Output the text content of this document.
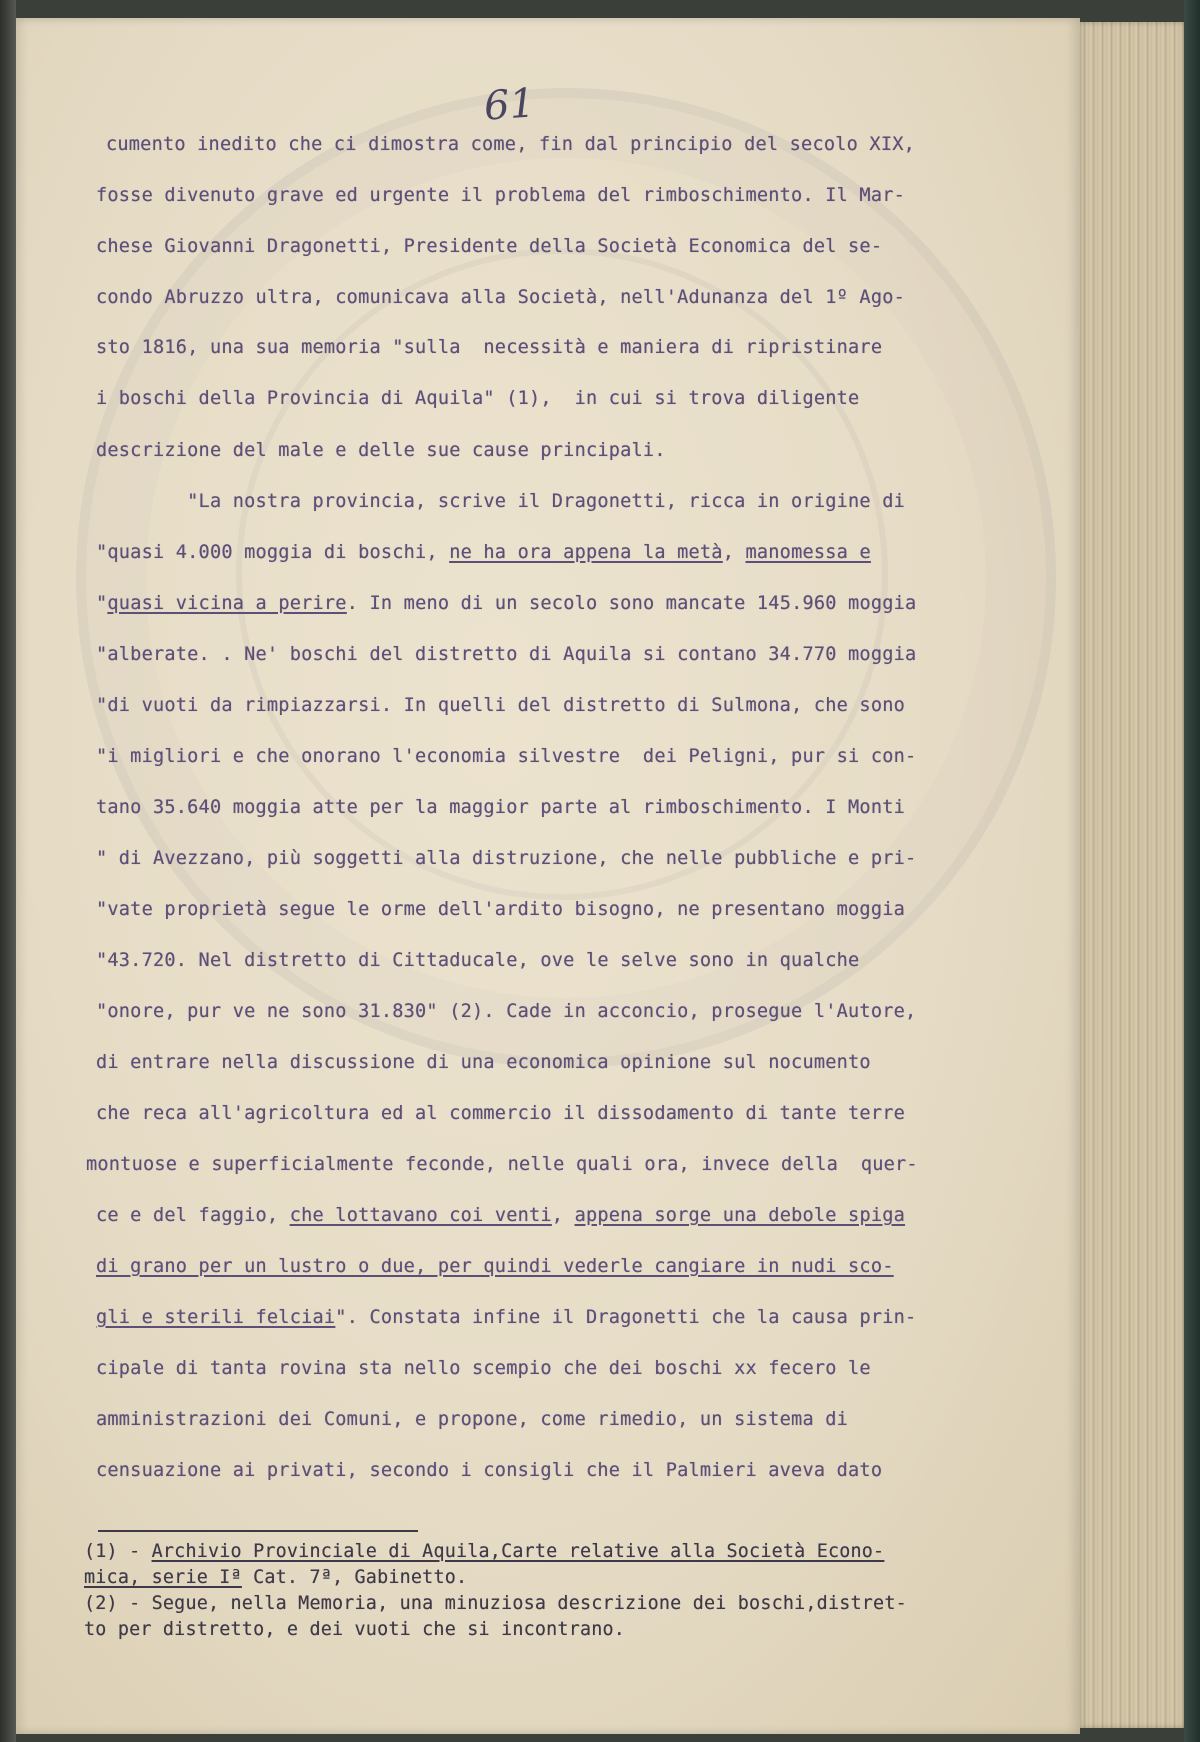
61

cumento inedito che ci dimostra come, fin dal principio del secolo XIX,

fosse divenuto grave ed urgente il problema del rimboschimento. Il Mar-

chese Giovanni Dragonetti, Presidente della Società Economica del se-

condo Abruzzo ultra, comunicava alla Società, nell'Adunanza del 1º Ago-

sto 1816, una sua memoria "sulla  necessità e maniera di ripristinare

i boschi della Provincia di Aquila" (1),  in cui si trova diligente

descrizione del male e delle sue cause principali.

"La nostra provincia, scrive il Dragonetti, ricca in origine di

"quasi 4.000 moggia di boschi, ne ha ora appena la metà, manomessa e

"quasi vicina a perire. In meno di un secolo sono mancate 145.960 moggia

"alberate. . Ne' boschi del distretto di Aquila si contano 34.770 moggia

"di vuoti da rimpiazzarsi. In quelli del distretto di Sulmona, che sono

"i migliori e che onorano l'economia silvestre  dei Peligni, pur si con-

tano 35.640 moggia atte per la maggior parte al rimboschimento. I Monti

" di Avezzano, più soggetti alla distruzione, che nelle pubbliche e pri-

"vate proprietà segue le orme dell'ardito bisogno, ne presentano moggia

"43.720. Nel distretto di Cittaducale, ove le selve sono in qualche

"onore, pur ve ne sono 31.830" (2). Cade in acconcio, prosegue l'Autore,

di entrare nella discussione di una economica opinione sul nocumento

che reca all'agricoltura ed al commercio il dissodamento di tante terre

montuose e superficialmente feconde, nelle quali ora, invece della  quer-

ce e del faggio, che lottavano coi venti, appena sorge una debole spiga

di grano per un lustro o due, per quindi vederle cangiare in nudi sco-

gli e sterili felciai". Constata infine il Dragonetti che la causa prin-

cipale di tanta rovina sta nello scempio che dei boschi xx fecero le

amministrazioni dei Comuni, e propone, come rimedio, un sistema di

censuazione ai privati, secondo i consigli che il Palmieri aveva dato

(1) - Archivio Provinciale di Aquila,Carte relative alla Società Econo-

mica, serie Iª Cat. 7ª, Gabinetto.

(2) - Segue, nella Memoria, una minuziosa descrizione dei boschi,distret-

to per distretto, e dei vuoti che si incontrano.
